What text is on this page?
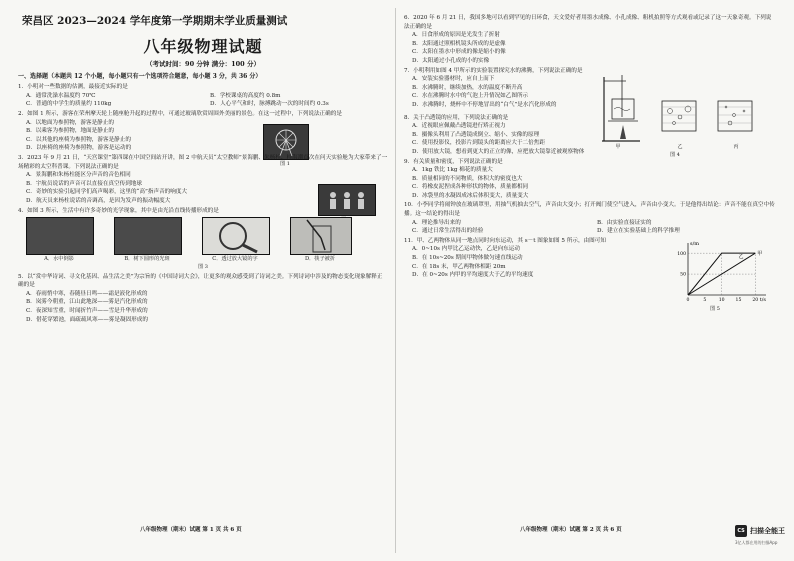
荣昌区 2023—2024 学年度第一学期期末学业质量测试
八年级物理试题
（考试时间：90 分钟 满分：100 分）
一、选择题（本题共 12 个小题，每小题只有一个选项符合题意，每小题 3 分，共 36 分）
1．小明对一些数据的估测，最接近实际的是
A．通常洗澡水温度约 70℃	B．学校课桌的高度约 0.8m
C．普通的中学生的质量约 110kg	D．人心平气和时，脉搏跳动一次的时间约 0.3s
2．如图 1 所示，游客在荣州摩天轮上随座舱升起的过程中，可通过玻璃欣赏周围外美丽的景色。在这一过程中，下列说法正确的是
A．以地面为参照物，游客是静止的
B．以乘客为参照物，地面是静止的
C．以其他的座椅为参照物，游客是静止的
D．以座椅的座椅为参照物，游客是运动的
图 1
3．2023 年 9 月 21 日，“天宫课堂”第四课在中国空间站开讲，图 2 中航天员“太空教师”景海鹏、朱杨柱、桂海潮首次在问天实验舱为大家带来了一场精彩的太空科普课。下列说法正确的是
A．景海鹏和朱杨柱能区分声音的音色相同
B．宇航员说话的声音可以直接在真空传到地球
C．奇妙的实验引起同学们高声喝彩，这里的“高”指声音的响度大
D．航天员来杨柱说话的音调高，是因为发声的振动幅度大
4．如图 3 所示，生活中有许多奇妙的光学现象，其中是由光沿直线传播形成的是
A．水中倒影	B．树下圆形的光斑	C．透过放大镜的字	D．筷子被折
图 3
5．以“赏中华诗词、寻文化基因、品生活之美”为宗旨的《中国诗词大会》，让更多的观众感受到了诗词之美。下列诗词中涉及的物态变化现象解释正确的是
A．春雨悄中寒，春随昼日鸣——霜是液化形成的
B．岚雾今朝重，江山此地深——雾是汽化形成的
C．夜深知雪重，时闻折竹声——雪是升华形成的
D．借花穿繁池，面疏疏风寒——雾是凝固形成的
八年级物理（期末）试题 第 1 页 共 6 页
6．2020 年 6 月 21 日，我国多地可以看到罕见的日环食，天文爱好者用墨水成像、小孔成像、粗机拍照等方式观看或记录了这一天象奇观。下列说法正确的是
A．日食形成的原因是光发生了折射
B．太阳通过照相机镜头所成的是虚像
C．太阳在墨水中形成的像是缩小的像
D．太阳通过小孔成的小的实像
7．小明利用如图 4 甲所示的实验装置探究水的沸腾，下列说法正确的是
A．安装实验器材时，应自上而下
B．水沸腾时，继续加热，水的温度不断升高
C．水在沸腾时水中的气泡上升情况如乙图所示
D．水沸腾时，烧杯中不停地冒出的“白气”是水汽化形成的
甲	乙	丙
图 4
8．关于凸透镜的应用，下列说法正确的是
A．近视眼应佩戴凸透镜进行矫正视力
B．摄像头利用了凸透镜成倒立、缩小、实像的原理
C．使用投影仪，投影片到镜头的距离应大于二倍焦距
D．使用放大镜，想看到更大的正立的像，应把放大镜靠近被观察物体
9．有关质量和密度，下列说法正确的是
A．1kg 铁比 1kg 棉花的质量大
B．质量相同的不同物质，体积大的密度也大
C．将橡皮泥捏成各种形状的物体，质量都相同
D．冰袋里的水凝固成冰后体积变大，质量变大
10．小李同学将闹钟放在玻璃罩里，用抽气机抽去空气，声音由大变小；打开阀门使空气进入，声音由小变大。于是他得出结论：声音不能在真空中传播。这一结论的得出是
A．理论推导出来的	B．由实验直接证实的
C．通过日常生活得出的经验	D．建立在实验基础上的科学推理
11．甲、乙两物体从同一地点同时向东运动，其 s－t 图象如图 5 所示，由图可知
A．0~10s 内甲比乙运动快，乙是向东运动
B．在 10s~20s 期间甲物体做匀速直线运动
C．在 18s 末，甲乙两物体相距 20m
D．在 0~20s 内甲的平均速度大于乙的平均速度
t/s
s/m
0	5	10 15 20
50
100	甲
乙
图 5
八年级物理（期末）试题 第 2 页 共 6 页	CS 扫描全能王
3亿人都在用的扫描App
